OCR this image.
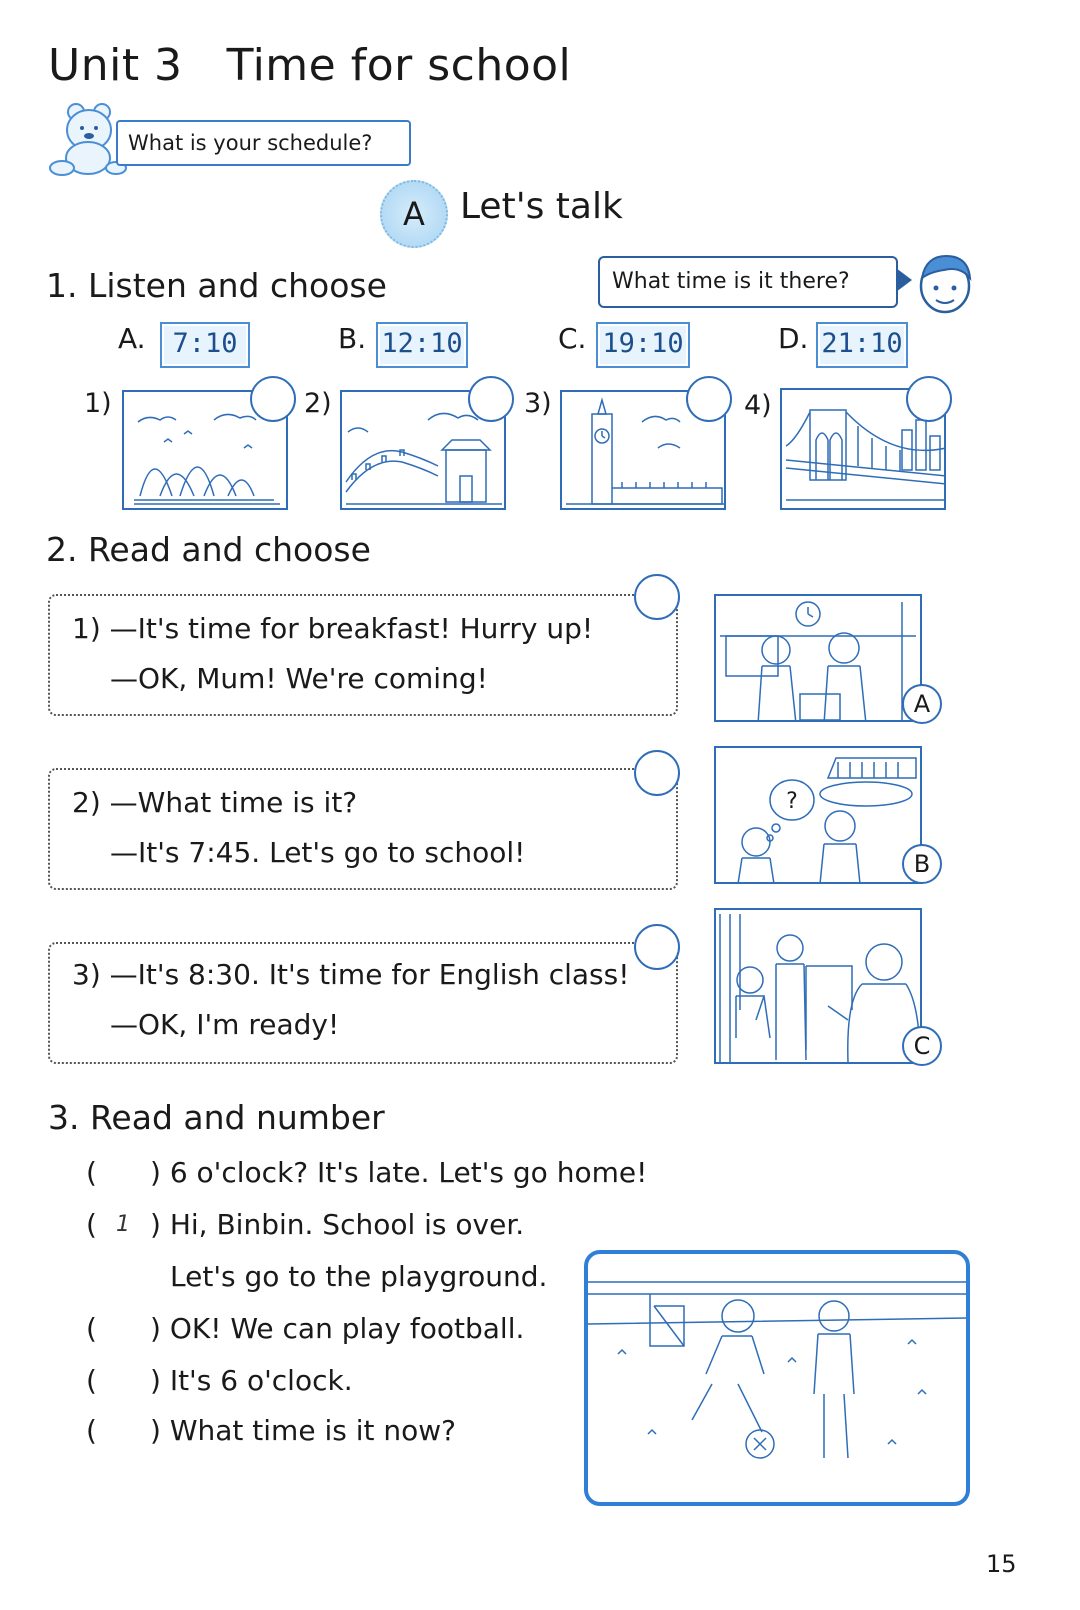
Unit 3 Time for school
What is your schedule?
A Let's talk
1. Listen and choose	What time is it there?
A. 7:10	B. 12:10	C. 19:10	D. 21:10
1)	2)	3)	4)
2. Read and choose
1) —It's time for breakfast! Hurry up!
—OK, Mum! We're coming!
2) —What time is it?
—It's 7:45. Let's go to school!
3) —It's 8:30. It's time for English class!
—OK, I'm ready!
A
?
B
C
3. Read and number
( ) 6 o'clock? It's late. Let's go home!
( 1 ) Hi, Binbin. School is over.
Let's go to the playground.
( ) OK! We can play football.
( ) It's 6 o'clock.
( ) What time is it now?
15
